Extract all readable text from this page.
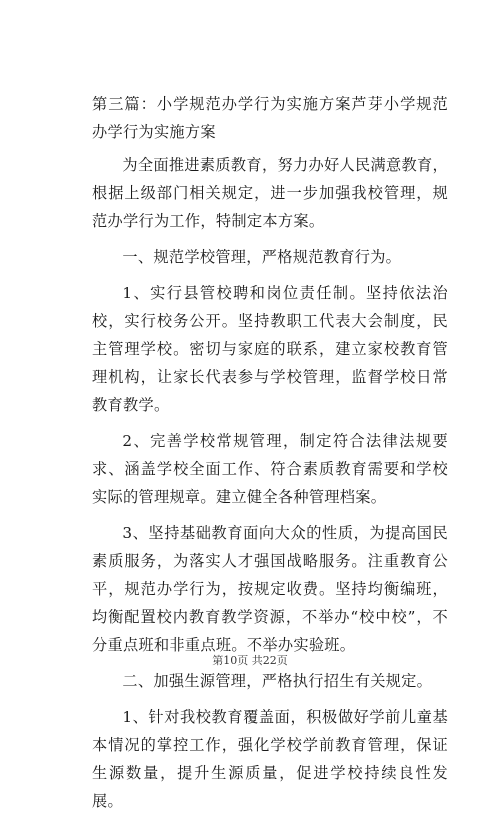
第三篇：小学规范办学行为实施方案芦芽小学规范办学行为实施方案

为全面推进素质教育，努力办好人民满意教育，根据上级部门相关规定，进一步加强我校管理，规范办学行为工作，特制定本方案。

一、规范学校管理，严格规范教育行为。

1、实行县管校聘和岗位责任制。坚持依法治校，实行校务公开。坚持教职工代表大会制度，民主管理学校。密切与家庭的联系，建立家校教育管理机构，让家长代表参与学校管理，监督学校日常教育教学。

2、完善学校常规管理，制定符合法律法规要求、涵盖学校全面工作、符合素质教育需要和学校实际的管理规章。建立健全各种管理档案。

3、坚持基础教育面向大众的性质，为提高国民素质服务，为落实人才强国战略服务。注重教育公平，规范办学行为，按规定收费。坚持均衡编班，均衡配置校内教育教学资源，不举办“校中校”，不分重点班和非重点班。不举办实验班。

二、加强生源管理，严格执行招生有关规定。

1、针对我校教育覆盖面，积极做好学前儿童基本情况的掌控工作，强化学校学前教育管理，保证生源数量，提升生源质量，促进学校持续良性发展。

第10页 共22页
